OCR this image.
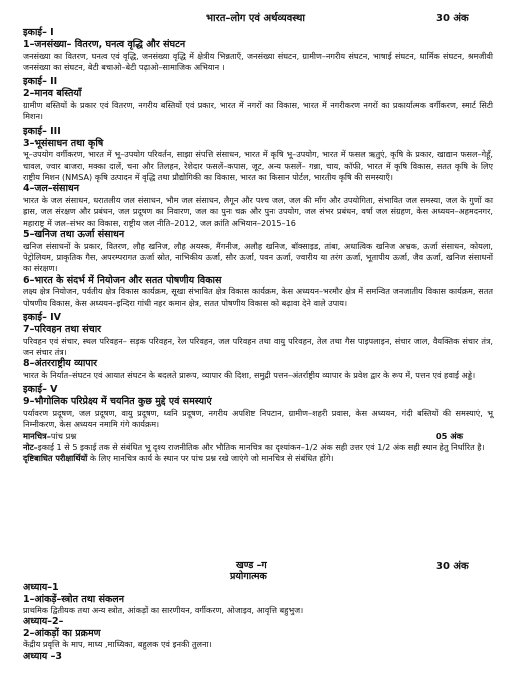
भारत–लोग एवं अर्थव्यवस्था	30 अंक
इकाई– I
1–जनसंख्या– वितरण, घनत्व वृद्धि और संघटन
जनसंख्या का वितरण, घनत्व एवं वृद्धि, जनसंख्या वृद्धि में क्षेत्रीय भिन्नताएँ, जनसंख्या संघटन, ग्रामीण–नगरीय संघटन, भाषाई संघटन, धार्मिक संघटन, श्रमजीवी जनसंख्या का संघटन, बेटी बचाओ–बेटी पढ़ाओ–सामाजिक अभियान ।
इकाई– II
2–मानव बस्तियाँ
ग्रामीण बस्तियों के प्रकार एवं वितरण, नगरीय बस्तियों एवं प्रकार, भारत में नगरों का विकास, भारत में नगरीकरण नगरों का प्रकार्यात्मक वर्गीकरण, स्मार्ट सिटी मिशन।
इकाई– III
3–भूसंसाधन तथा कृषि
भू–उपयोग वर्गीकरण, भारत में भू–उपयोग परिवर्तन, साझा संपत्ति संसाधन, भारत में कृषि भू–उपयोग, भारत में फसल ऋतुएं, कृषि के प्रकार, खाद्यान फसल–गेहूँ, चावल, ज्वार बाजरा, मक्का दालें, चना और तिलहन, रेशेदार फसलें–कपास, जूट, अन्य फसलें– गन्ना, चाय, कॉफी, भारत में कृषि विकास, सतत कृषि के लिए राष्ट्रीय मिशन (NMSA) कृषि उत्पादन में वृद्धि तथा प्रौद्योगिकी का विकास, भारत का किसान पोर्टल, भारतीय कृषि की समस्याएँ।
4–जल–संसाधन
भारत के जल संसाधन, धरातलीय जल संसाधन, भौम जल संसाधन, लैगून और पश्च जल, जल की माँग और उपयोगिता, संभावित जल समस्या, जल के गुणों का ह्रास, जल संरक्षण और प्रबंधन, जल प्रदूषण का निवारण, जल का पुनः चक्र और पुनः उपयोग, जल संभर प्रबंधन, वर्षा जल संग्रहण, केस अध्ययन–अहमदनगर, महाराष्ट्र में जल–संभर का विकास, राष्ट्रीय जल नीति–2012, जल क्रांति अभियान–2015–16
5–खनिज तथा ऊर्जा संसाधन
खनिज संसाधनों के प्रकार, वितरण, लौह खनिज, लौह अयस्क, मैंगनीज, अलौह खनिज, बॉक्साइड, तांबा, अधात्विक खनिज अभ्रक, ऊर्जा संसाधन, कोयला, पेट्रोलियम, प्राकृतिक गैस, अपरम्परागत ऊर्जा स्रोत, नाभिकीय ऊर्जा, सौर ऊर्जा, पवन ऊर्जा, ज्वारीय या तरंग ऊर्जा, भूतापीय ऊर्जा, जैव ऊर्जा, खनिज संसाधनों का संरक्षण।
6–भारत के संदर्भ में नियोजन और सतत पोषणीय विकास
लक्ष्य क्षेत्र नियोजन, पर्वतीय क्षेत्र विकास कार्यक्रम, सूखा संभावित क्षेत्र विकास कार्यक्रम, केस अध्ययन–भरमौर क्षेत्र में समन्वित जनजातीय विकास कार्यक्रम, सतत पोषणीय विकास, केस अध्ययन–इन्दिरा गांधी नहर कमान क्षेत्र, सतत पोषणीय विकास को बढ़ावा देने वाले उपाय।
इकाई– IV
7–परिवहन तथा संचार
परिवहन एवं संचार, स्थल परिवहन– सड़क परिवहन, रेल परिवहन, जल परिवहन तथा वायु परिवहन, तेल तथा गैस पाइपलाइन, संचार जाल, वैयक्तिक संचार तंत्र, जन संचार तंत्र।
8–अंतरराष्ट्रीय व्यापार
भारत के निर्यात–संघटन एवं आयात संघटन के बदलते प्रारूप, व्यापार की दिशा, समुद्री पत्तन–अंतर्राष्ट्रीय व्यापार के प्रवेश द्वार के रूप में, पत्तन एवं हवाई अड्डे।
इकाई– V
9–भौगोलिक परिप्रेक्ष्य में चयनित कुछ मुद्दे एवं समस्याएं
पर्यावरण प्रदूषण, जल प्रदूषण, वायु प्रदूषण, ध्वनि प्रदूषण, नगरीय अपशिष्ट निपटान, ग्रामीण–शहरी प्रवास, केस अध्ययन, गंदी बस्तियों की समस्याएं, भू निम्नीकरण, केस अध्ययन नमामि गंगे कार्यक्रम।
मानचित्र–पांच प्रश्न	05 अंक
नोट–इकाई 1 से 5 इकाई तक से संबंधित भू दृश्य राजनीतिक और भौतिक मानचित्र का दृश्यांकन–1/2 अंक सही उत्तर एवं 1/2 अंक सही स्थान हेतु निर्धारित है।
दृष्टिबाधित परीक्षार्थियों के लिए मानचित्र कार्य के स्थान पर पांच प्रश्न रखे जाएंगे जो मानचित्र से संबंधित होंगे।
खण्ड –ग
प्रयोगात्मक
30 अंक
अध्याय–1
1–आंकड़ें–स्त्रोत तथा संकलन
प्राथमिक द्वितीयक तथा अन्य स्त्रोत, आंकड़ों का सारणीयन, वर्गीकरण, ओजाइव, आवृत्ति बहुभुज।
अध्याय–2–
2–आंकड़ों का प्रक्रमण
केंद्रीय प्रवृत्ति के माप, माध्य ,माध्यिका, बहुलक एवं इनकी तुलना।
अध्याय –3
